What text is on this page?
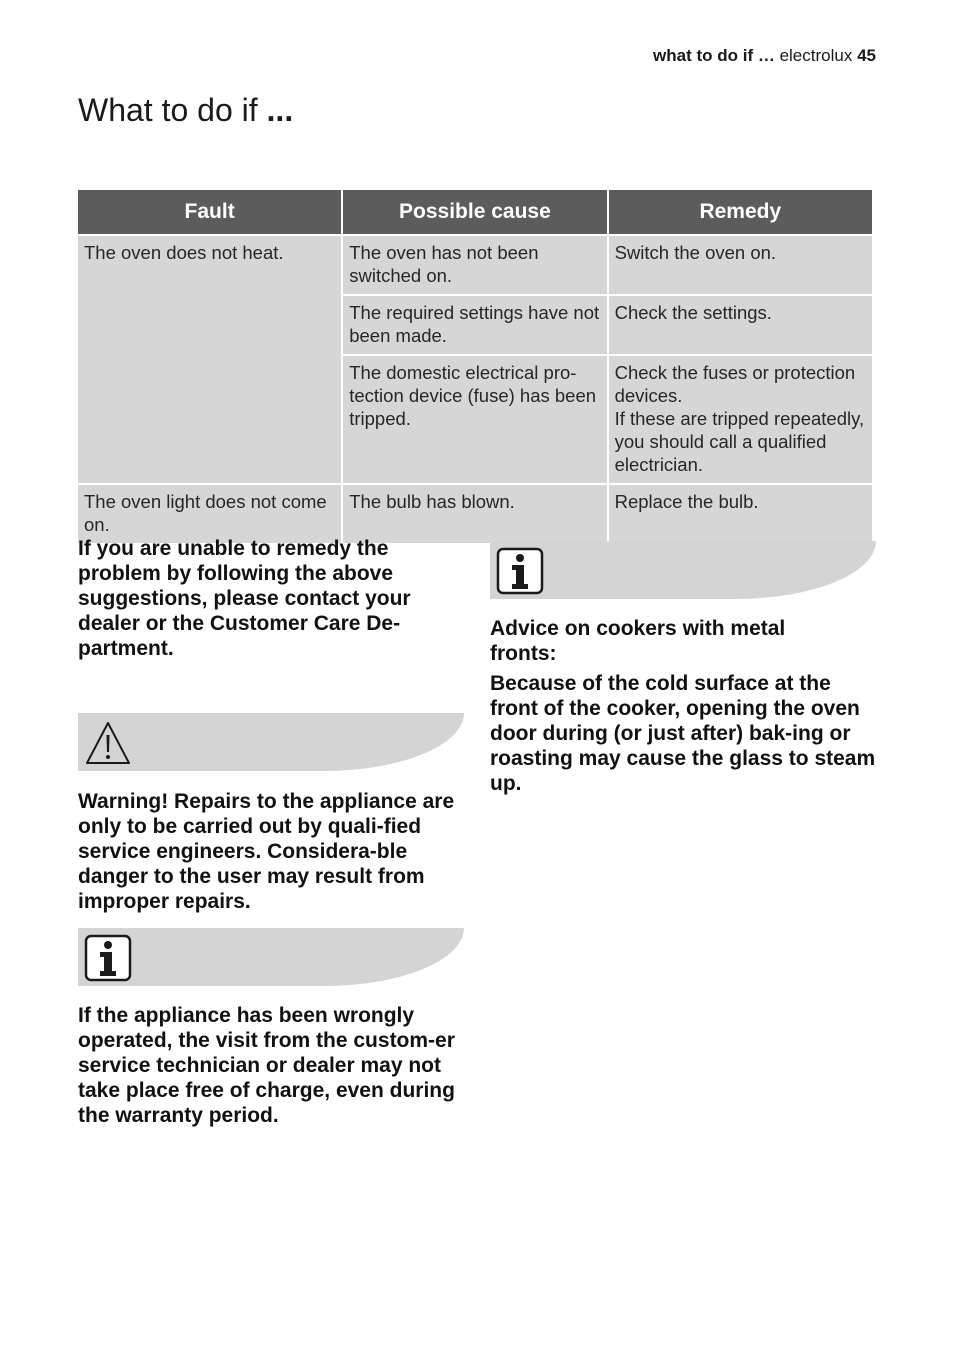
what to do if … electrolux 45
What to do if ...
Fault	Possible cause	Remedy
The oven does not heat.	The oven has not been switched on.	Switch the oven on.
	The required settings have not been made.	Check the settings.
	The domestic electrical pro-tection device (fuse) has been tripped.	Check the fuses or protection devices.
If these are tripped repeatedly, you should call a qualified electrician.

The oven light does not come on.	The bulb has blown.	Replace the bulb.

If you are unable to remedy the problem by following the above suggestions, please contact your dealer or the Customer Care De-partment.

Warning! Repairs to the appliance are only to be carried out by quali-fied service engineers. Considera-ble danger to the user may result from improper repairs.

If the appliance has been wrongly operated, the visit from the custom-er service technician or dealer may not take place free of charge, even during the warranty period.

Advice on cookers with metal fronts:

Because of the cold surface at the front of the cooker, opening the oven door during (or just after) bak-ing or roasting may cause the glass to steam up.
